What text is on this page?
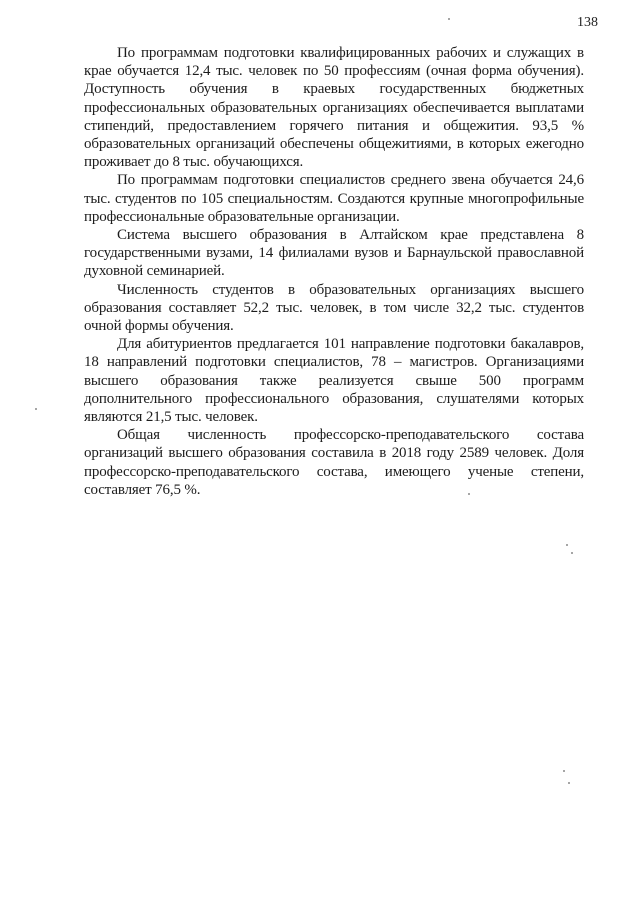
138

По программам подготовки квалифицированных рабочих и служащих в крае обучается 12,4 тыс. человек по 50 профессиям (очная форма обучения). Доступность обучения в краевых государственных бюджетных профессиональных образовательных организациях обеспечивается выплатами стипендий, предоставлением горячего питания и общежития. 93,5 % образовательных организаций обеспечены общежитиями, в которых ежегодно проживает до 8 тыс. обучающихся.

По программам подготовки специалистов среднего звена обучается 24,6 тыс. студентов по 105 специальностям. Создаются крупные многопрофильные профессиональные образовательные организации.

Система высшего образования в Алтайском крае представлена 8 государственными вузами, 14 филиалами вузов и Барнаульской православной духовной семинарией.

Численность студентов в образовательных организациях высшего образования составляет 52,2 тыс. человек, в том числе 32,2 тыс. студентов очной формы обучения.

Для абитуриентов предлагается 101 направление подготовки бакалавров, 18 направлений подготовки специалистов, 78 – магистров. Организациями высшего образования также реализуется свыше 500 программ дополнительного профессионального образования, слушателями которых являются 21,5 тыс. человек.

Общая численность профессорско-преподавательского состава организаций высшего образования составила в 2018 году 2589 человек. Доля профессорско-преподавательского состава, имеющего ученые степени, составляет 76,5 %.
